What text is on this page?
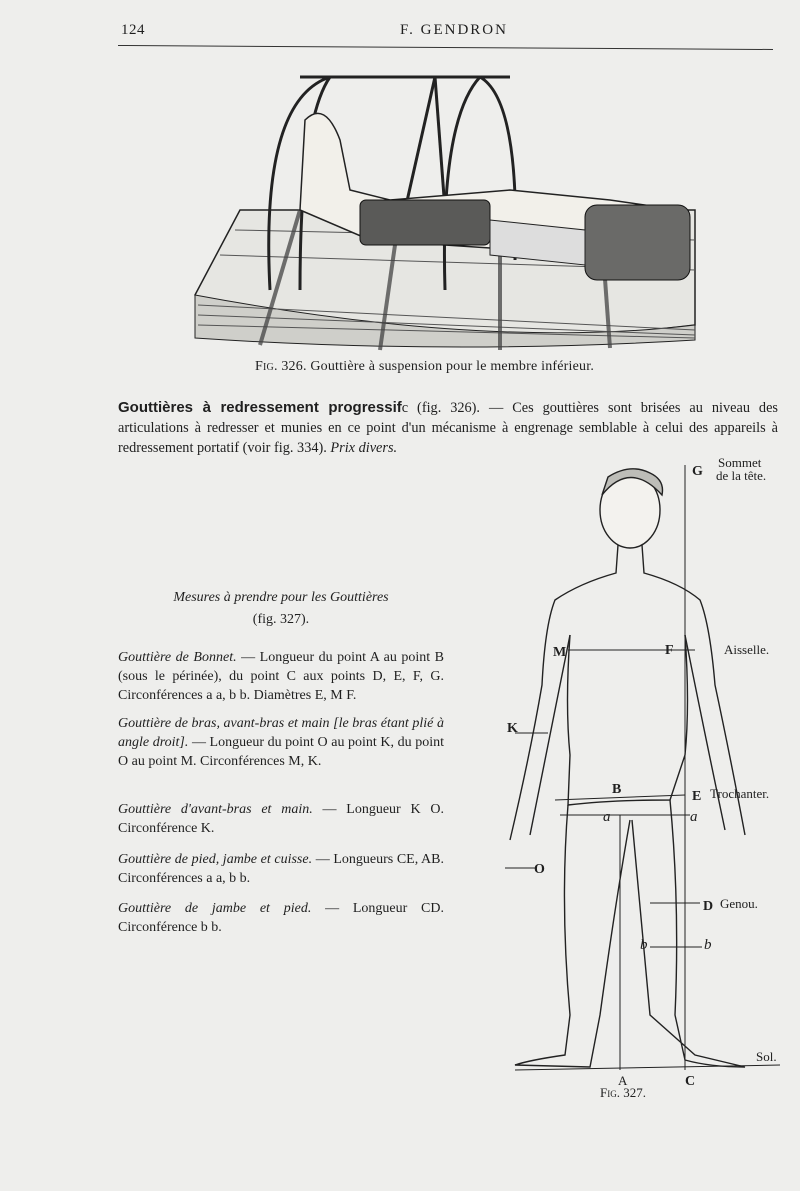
124	F. GENDRON
Fig. 326. Gouttière à suspension pour le membre inférieur.
Gouttières à redressement progressifc (fig. 326). — Ces gouttières sont brisées au niveau des articulations à redresser et munies en ce point d'un mécanisme à engrenage semblable à celui des appareils à redressement portatif (voir fig. 334). Prix divers.
Mesures à prendre pour les Gouttières
(fig. 327).
Gouttière de Bonnet. — Longueur du point A au point B (sous le périnée), du point C aux points D, E, F, G. Circonférences a a, b b. Diamètres E, M F.
Gouttière de bras, avant-bras et main [le bras étant plié à angle droit]. — Longueur du point O au point K, du point O au point M. Circonférences M, K.
Gouttière d'avant-bras et main. — Longueur K O. Circonférence K.
Gouttière de pied, jambe et cuisse. — Longueurs CE, AB. Circonférences a a, b b.
Gouttière de jambe et pied. — Longueur CD. Circonférence b b.
G
Sommet
de la tête.
M	F	Aisselle.
K
B	E Trochanter.
a	a
O
D Genou.
b	b
Sol.
A	C
Fig. 327.
